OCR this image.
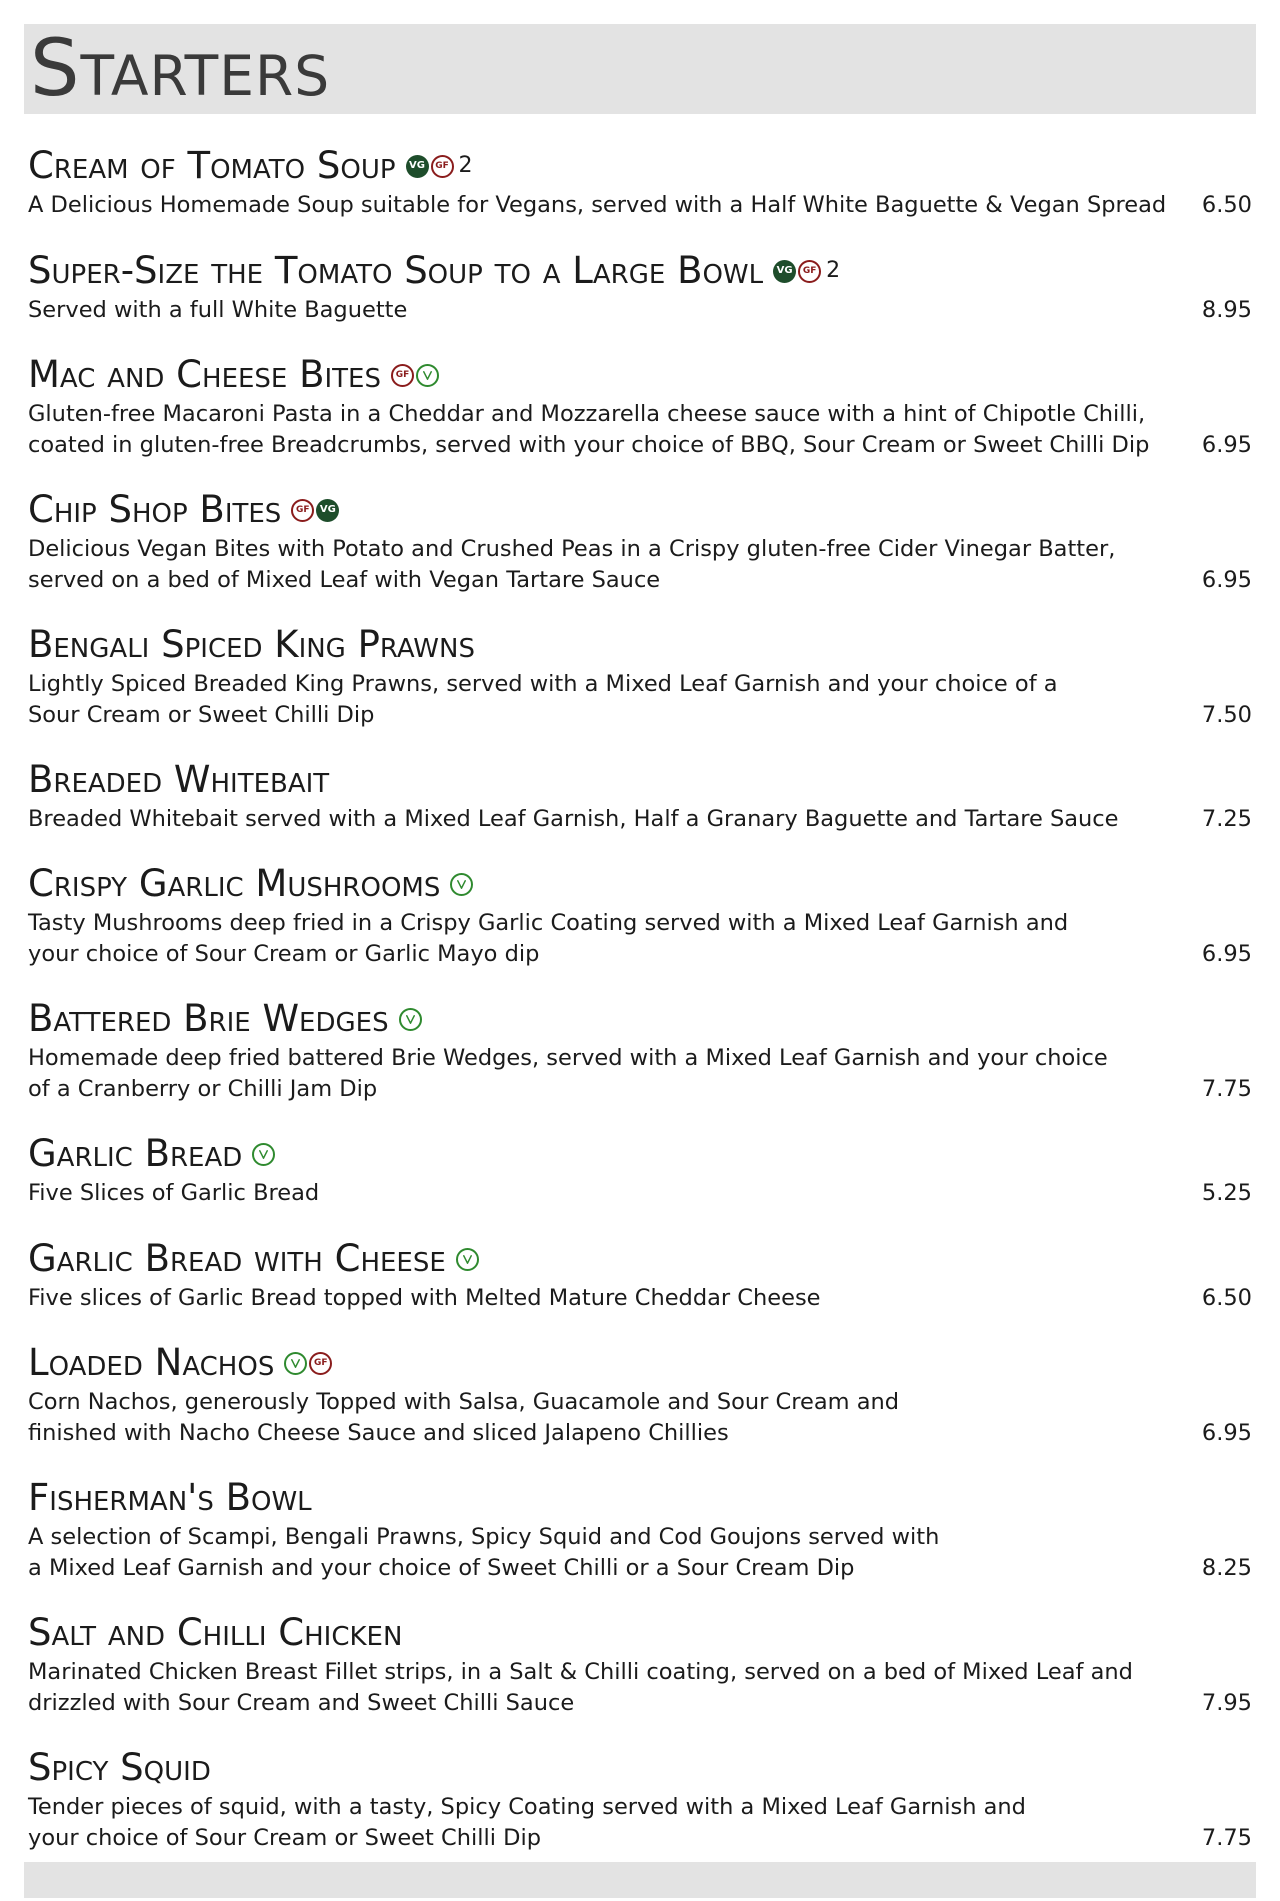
Starters
Cream of Tomato Soup	VG	GF 2
A Delicious Homemade Soup suitable for Vegans, served with a Half White Baguette & Vegan Spread	6.50
Super-Size the Tomato Soup to a Large Bowl	VG	GF 2
Served with a full White Baguette	8.95
Mac and Cheese Bites	GF
Gluten-free Macaroni Pasta in a Cheddar and Mozzarella cheese sauce with a hint of Chipotle Chilli,
coated in gluten-free Breadcrumbs, served with your choice of BBQ, Sour Cream or Sweet Chilli Dip	6.95
Chip Shop Bites	GF	VG
Delicious Vegan Bites with Potato and Crushed Peas in a Crispy gluten-free Cider Vinegar Batter,
served on a bed of Mixed Leaf with Vegan Tartare Sauce	6.95
Bengali Spiced King Prawns
Lightly Spiced Breaded King Prawns, served with a Mixed Leaf Garnish and your choice of a
Sour Cream or Sweet Chilli Dip	7.50
Breaded Whitebait
Breaded Whitebait served with a Mixed Leaf Garnish, Half a Granary Baguette and Tartare Sauce	7.25
Crispy Garlic Mushrooms
Tasty Mushrooms deep fried in a Crispy Garlic Coating served with a Mixed Leaf Garnish and
your choice of Sour Cream or Garlic Mayo dip	6.95
Battered Brie Wedges
Homemade deep fried battered Brie Wedges, served with a Mixed Leaf Garnish and your choice
of a Cranberry or Chilli Jam Dip	7.75
Garlic Bread
Five Slices of Garlic Bread	5.25
Garlic Bread with Cheese
Five slices of Garlic Bread topped with Melted Mature Cheddar Cheese	6.50
Loaded Nachos	GF
Corn Nachos, generously Topped with Salsa, Guacamole and Sour Cream and
finished with Nacho Cheese Sauce and sliced Jalapeno Chillies	6.95
Fisherman's Bowl
A selection of Scampi, Bengali Prawns, Spicy Squid and Cod Goujons served with
a Mixed Leaf Garnish and your choice of Sweet Chilli or a Sour Cream Dip	8.25
Salt and Chilli Chicken
Marinated Chicken Breast Fillet strips, in a Salt & Chilli coating, served on a bed of Mixed Leaf and
drizzled with Sour Cream and Sweet Chilli Sauce	7.95
Spicy Squid
Tender pieces of squid, with a tasty, Spicy Coating served with a Mixed Leaf Garnish and
your choice of Sour Cream or Sweet Chilli Dip	7.75
